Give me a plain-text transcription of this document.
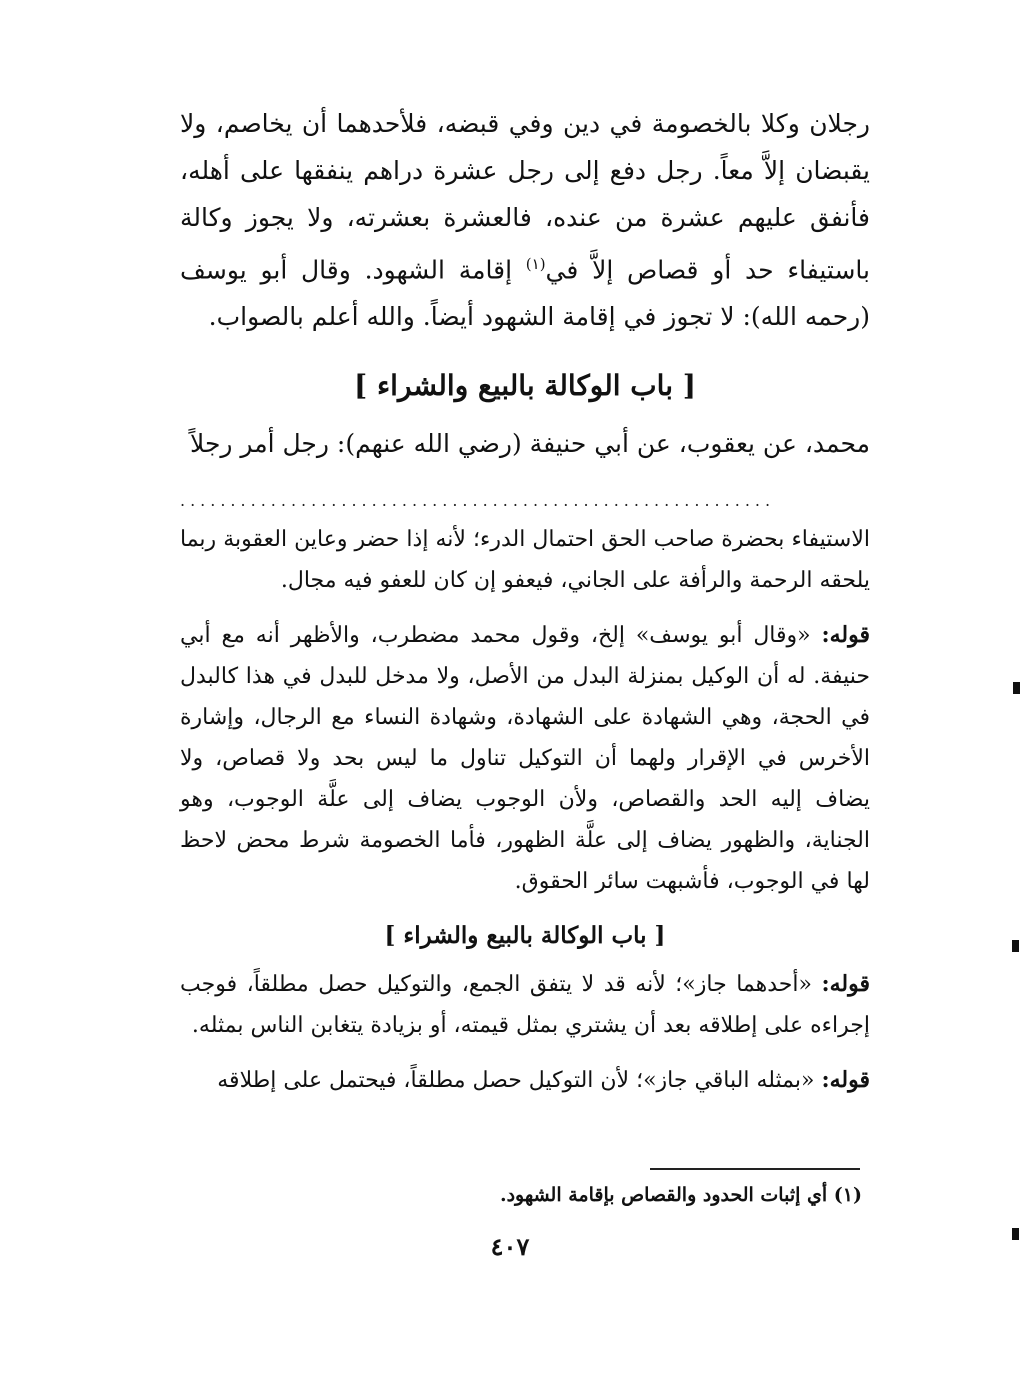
رجلان وكلا بالخصومة في دين وفي قبضه، فلأحدهما أن يخاصم، ولا يقبضان إلاَّ معاً. رجل دفع إلى رجل عشرة دراهم ينفقها على أهله، فأنفق عليهم عشرة من عنده، فالعشرة بعشرته، ولا يجوز وكالة باستيفاء حد أو قصاص إلاَّ في$^{(١)}$ إقامة الشهود. وقال أبو يوسف (رحمه الله): لا تجوز في إقامة الشهود أيضاً. والله أعلم بالصواب.

[ باب الوكالة بالبيع والشراء ]

محمد، عن يعقوب، عن أبي حنيفة (رضي الله عنهم): رجل أمر رجلاً

...........................................................

الاستيفاء بحضرة صاحب الحق احتمال الدرء؛ لأنه إذا حضر وعاين العقوبة ربما يلحقه الرحمة والرأفة على الجاني، فيعفو إن كان للعفو فيه مجال.

قوله: «وقال أبو يوسف» إلخ، وقول محمد مضطرب، والأظهر أنه مع أبي حنيفة. له أن الوكيل بمنزلة البدل من الأصل، ولا مدخل للبدل في هذا كالبدل في الحجة، وهي الشهادة على الشهادة، وشهادة النساء مع الرجال، وإشارة الأخرس في الإقرار ولهما أن التوكيل تناول ما ليس بحد ولا قصاص، ولا يضاف إليه الحد والقصاص، ولأن الوجوب يضاف إلى علَّة الوجوب، وهو الجناية، والظهور يضاف إلى علَّة الظهور، فأما الخصومة شرط محض لاحظ لها في الوجوب، فأشبهت سائر الحقوق.

[ باب الوكالة بالبيع والشراء ]

قوله: «أحدهما جاز»؛ لأنه قد لا يتفق الجمع، والتوكيل حصل مطلقاً، فوجب إجراءه على إطلاقه بعد أن يشتري بمثل قيمته، أو بزيادة يتغابن الناس بمثله.

قوله: «بمثله الباقي جاز»؛ لأن التوكيل حصل مطلقاً، فيحتمل على إطلاقه

(١) أي إثبات الحدود والقصاص بإقامة الشهود.
٤٠٧
